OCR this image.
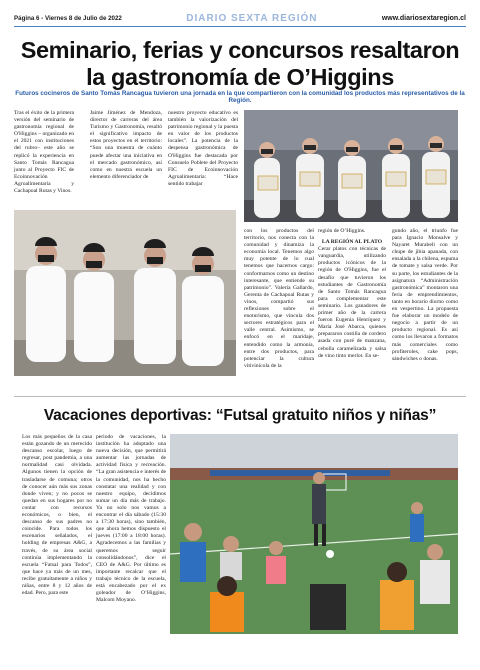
Página 6 - Viernes 8 de Julio de 2022	DIARIO SEXTA REGIÓN	www.diariosextaregion.cl
Seminario, ferias y concursos resaltaron la gastronomía de O’Higgins
Futuros cocineros de Santo Tomás Rancagua tuvieron una jornada en la que compartieron con la comunidad los productos más representativos de la Región.

Tras el éxito de la primera versión del seminario de gastronomía regional de O'Higgins – organizado en el 2021 con instituciones del rubro– este año se replicó la experiencia en Santo Tomás Rancagua junto al Proyecto FIC de Ecoinnovación Agroalimentaria y Cachapoal Rutas y Vinos.

Jaime Jiménez de Mendoza, director de carreras del área Turismo y Gastronomía, resaltó el significativo impacto de estos proyectos en el territorio: “Son una muestra de cuánto puede afectar una iniciativa en el mercado gastronómico, así como en nuestra escuela un elemento diferenciador de

nuestro proyecto educativo es también la valorización del patrimonio regional y la puesta en valor de los productos locales”. La potencia de la despensa gastronómica de O'Higgins fue destacada por Consuelo Poblete del Proyecto FIC de Ecoinnovación Agroalimentaria: “Hace sentido trabajar

con los productos del territorio, nos conecta con la comunidad y dinamiza la economía local. Tenemos algo muy potente de lo cual tenemos que hacernos cargo: conformarnos como un destino interesante, que entiende su patrimonio”. Valeria Gallardo, Gerenta de Cachapoal Rutas y vinos, compartió sus reflexiones sobre el enoturismo, que vincula dos sectores estratégicos para el valle central. Asimismo, se enfocó en el maridaje, entendido como la armonía, entre dos productos, para potenciar la cultura vitivinícola de la

región de O’Higgins.

LA REGIÓN AL PLATO

Cerar platos con técnicas de vanguardia, utilizando productos icónicos de la región de O'Higgins, fue el desafío que tuvieron los estudiantes de Gastronomía de Santo Tomás Rancagua para complementar este seminario. Los ganadores de primer año de la carrera fueron Eugenia Henríquez y María José Abarca, quienes prepararon costilla de cordero asada con puré de manzana, cebolla caramelizada y salsa de vino tinto merlot. En se-

gundo año, el triunfo fue para Ignacio Monsalve y Nayaret Murabeli con un chupe de jibia apanada, con ensalada a la chilena, espuma de tomate y salsa verde. Por su parte, los estudiantes de la asignatura “Administración gastronómica” montaron una feria de emprendimientos, tanto en horario diurno como en vespertino. La propuesta fue elaborar un modelo de negocio a partir de un producto regional. Es así como los llevaron a formatos más comerciales como profiteroles, cake pops, sándwiches o donas.

Vacaciones deportivas: “Futsal gratuito niños y niñas”

Los más pequeños de la casa están gozando de un merecido descanso escolar, luego de regresar, post pandemia, a una normalidad casi olvidada. Algunos tienen la opción de trasladarse de comuna; otros de conocer aún más sus zonas donde viven; y no pocos se quedan en sus hogares por no contar con recursos económicos, o bien, el descanso de sus padres no coincide. Para todos los escenarios señalados, el holding de empresas A&G, a través, de su área social continúa implementando la escuela “Futsal para Todos”, que hace ya más de un mes, recibe gratuitamente a niños y niñas, entre 8 y 12 años de edad. Pero, para este

periodo de vacaciones, la institución ha adoptado una nueva decisión, que permitirá aumentar las jornadas de actividad física y recreación. “La gran asistencia e interés de la comunidad, nos ha hecho constatar una realidad y con nuestro equipo, decidimos sumar un día más de trabajo. Ya no solo nos vamos a encontrar el día sábado (15:30 a 17:30 horas), sino también, que ahora hemos dispuesto el jueves (17:00 a 18:00 horas). Agradecemos a las familias y queremos seguir consolidándonos”, dice el CEO de A&G. Por último es importante recalcar que el trabajo técnico de la escuela, está encabezado por el ex goleador de O’Higgins, Malcom Moyano.
